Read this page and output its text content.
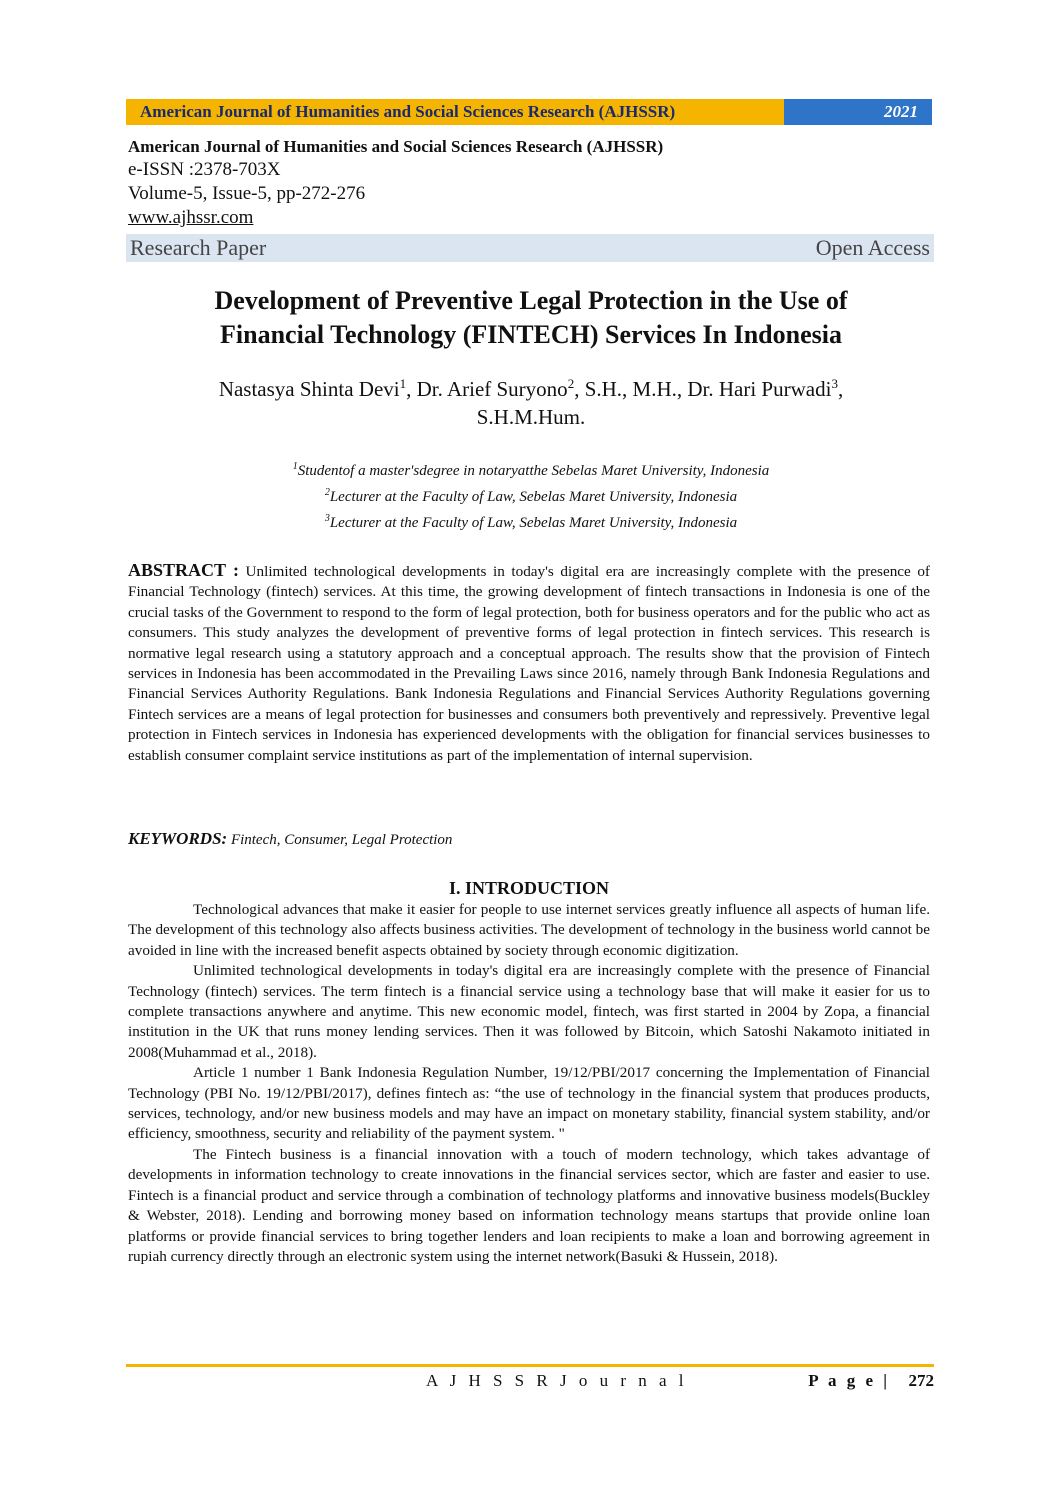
American Journal of Humanities and Social Sciences Research (AJHSSR)	2021
American Journal of Humanities and Social Sciences Research (AJHSSR)
e-ISSN :2378-703X
Volume-5, Issue-5, pp-272-276
www.ajhssr.com
Research Paper	Open Access
Development of Preventive Legal Protection in the Use of
Financial Technology (FINTECH) Services In Indonesia
Nastasya Shinta Devi$^1$, Dr. Arief Suryono$^2$, S.H., M.H., Dr. Hari Purwadi$^3$,
S.H.M.Hum.
$^1$Studentof a master'sdegree in notaryatthe Sebelas Maret University, Indonesia
$^2$Lecturer at the Faculty of Law, Sebelas Maret University, Indonesia
$^3$Lecturer at the Faculty of Law, Sebelas Maret University, Indonesia
ABSTRACT : Unlimited technological developments in today's digital era are increasingly complete with the presence of Financial Technology (fintech) services. At this time, the growing development of fintech transactions in Indonesia is one of the crucial tasks of the Government to respond to the form of legal protection, both for business operators and for the public who act as consumers. This study analyzes the development of preventive forms of legal protection in fintech services. This research is normative legal research using a statutory approach and a conceptual approach. The results show that the provision of Fintech services in Indonesia has been accommodated in the Prevailing Laws since 2016, namely through Bank Indonesia Regulations and Financial Services Authority Regulations. Bank Indonesia Regulations and Financial Services Authority Regulations governing Fintech services are a means of legal protection for businesses and consumers both preventively and repressively. Preventive legal protection in Fintech services in Indonesia has experienced developments with the obligation for financial services businesses to establish consumer complaint service institutions as part of the implementation of internal supervision.
KEYWORDS: Fintech, Consumer, Legal Protection
I. INTRODUCTION

Technological advances that make it easier for people to use internet services greatly influence all aspects of human life. The development of this technology also affects business activities. The development of technology in the business world cannot be avoided in line with the increased benefit aspects obtained by society through economic digitization.

Unlimited technological developments in today's digital era are increasingly complete with the presence of Financial Technology (fintech) services. The term fintech is a financial service using a technology base that will make it easier for us to complete transactions anywhere and anytime. This new economic model, fintech, was first started in 2004 by Zopa, a financial institution in the UK that runs money lending services. Then it was followed by Bitcoin, which Satoshi Nakamoto initiated in 2008(Muhammad et al., 2018).

Article 1 number 1 Bank Indonesia Regulation Number, 19/12/PBI/2017 concerning the Implementation of Financial Technology (PBI No. 19/12/PBI/2017), defines fintech as: “the use of technology in the financial system that produces products, services, technology, and/or new business models and may have an impact on monetary stability, financial system stability, and/or efficiency, smoothness, security and reliability of the payment system. "

The Fintech business is a financial innovation with a touch of modern technology, which takes advantage of developments in information technology to create innovations in the financial services sector, which are faster and easier to use. Fintech is a financial product and service through a combination of technology platforms and innovative business models(Buckley & Webster, 2018). Lending and borrowing money based on information technology means startups that provide online loan platforms or provide financial services to bring together lenders and loan recipients to make a loan and borrowing agreement in rupiah currency directly through an electronic system using the internet network(Basuki & Hussein, 2018).

A J H S S R J o u r n a l	P a g e | 272
